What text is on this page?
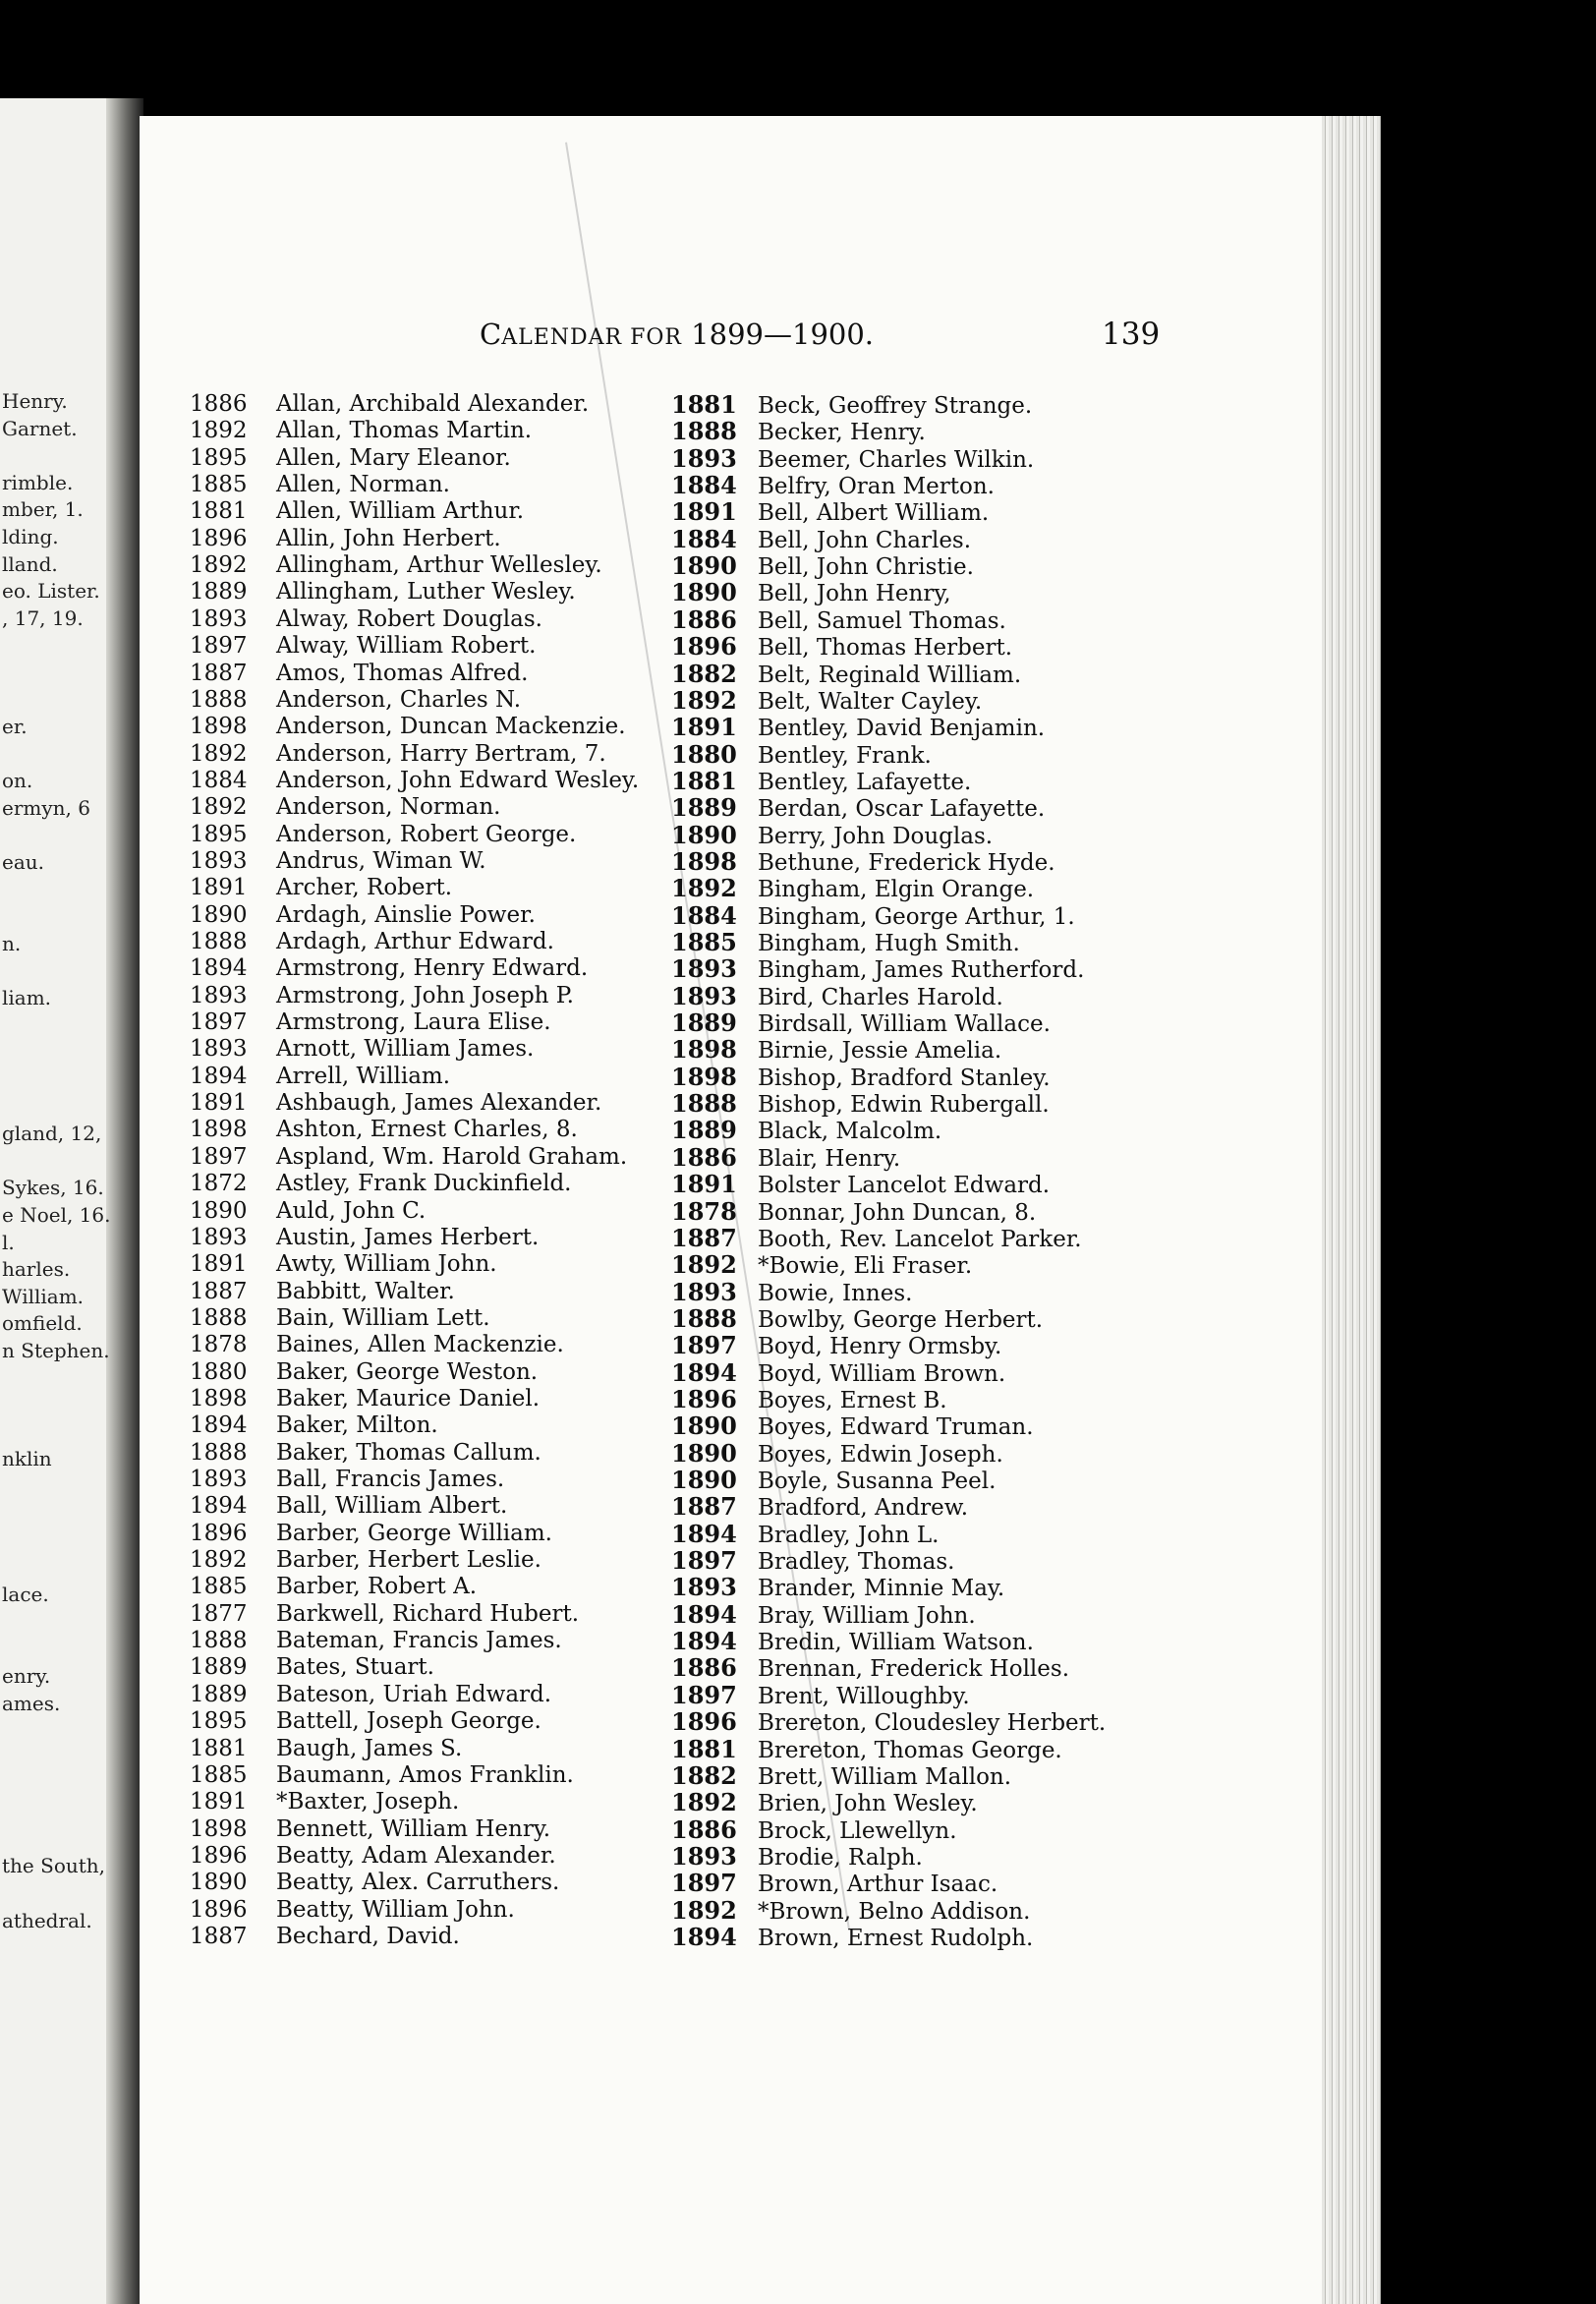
Henry.
Garnet.
rimble.
mber, 1.
lding.
lland.
eo. Lister.
, 17, 19.
er.
on.
ermyn, 6
eau.
n.
liam.
gland, 12,
Sykes, 16.
e Noel, 16.
l.
harles.
William.
omfield.
n Stephen.
nklin
lace.
enry.
ames.
the South,
athedral.
CALENDAR FOR 1899—1900.	139
1886 Allan, Archibald Alexander.
1892 Allan, Thomas Martin.
1895 Allen, Mary Eleanor.
1885 Allen, Norman.
1881 Allen, William Arthur.
1896 Allin, John Herbert.
1892 Allingham, Arthur Wellesley.
1889 Allingham, Luther Wesley.
1893 Alway, Robert Douglas.
1897 Alway, William Robert.
1887 Amos, Thomas Alfred.
1888 Anderson, Charles N.
1898 Anderson, Duncan Mackenzie.
1892 Anderson, Harry Bertram, 7.
1884 Anderson, John Edward Wesley.
1892 Anderson, Norman.
1895 Anderson, Robert George.
1893 Andrus, Wiman W.
1891 Archer, Robert.
1890 Ardagh, Ainslie Power.
1888 Ardagh, Arthur Edward.
1894 Armstrong, Henry Edward.
1893 Armstrong, John Joseph P.
1897 Armstrong, Laura Elise.
1893 Arnott, William James.
1894 Arrell, William.
1891 Ashbaugh, James Alexander.
1898 Ashton, Ernest Charles, 8.
1897 Aspland, Wm. Harold Graham.
1872 Astley, Frank Duckinfield.
1890 Auld, John C.
1893 Austin, James Herbert.
1891 Awty, William John.
1887 Babbitt, Walter.
1888 Bain, William Lett.
1878 Baines, Allen Mackenzie.
1880 Baker, George Weston.
1898 Baker, Maurice Daniel.
1894 Baker, Milton.
1888 Baker, Thomas Callum.
1893 Ball, Francis James.
1894 Ball, William Albert.
1896 Barber, George William.
1892 Barber, Herbert Leslie.
1885 Barber, Robert A.
1877 Barkwell, Richard Hubert.
1888 Bateman, Francis James.
1889 Bates, Stuart.
1889 Bateson, Uriah Edward.
1895 Battell, Joseph George.
1881 Baugh, James S.
1885 Baumann, Amos Franklin.
1891 *Baxter, Joseph.
1898 Bennett, William Henry.
1896 Beatty, Adam Alexander.
1890 Beatty, Alex. Carruthers.
1896 Beatty, William John.
1887 Bechard, David.
1881 Beck, Geoffrey Strange.
1888 Becker, Henry.
1893 Beemer, Charles Wilkin.
1884 Belfry, Oran Merton.
1891 Bell, Albert William.
1884 Bell, John Charles.
1890 Bell, John Christie.
1890 Bell, John Henry,
1886 Bell, Samuel Thomas.
1896 Bell, Thomas Herbert.
1882 Belt, Reginald William.
1892 Belt, Walter Cayley.
1891 Bentley, David Benjamin.
1880 Bentley, Frank.
1881 Bentley, Lafayette.
1889 Berdan, Oscar Lafayette.
1890 Berry, John Douglas.
1898 Bethune, Frederick Hyde.
1892 Bingham, Elgin Orange.
1884 Bingham, George Arthur, 1.
1885 Bingham, Hugh Smith.
1893 Bingham, James Rutherford.
1893 Bird, Charles Harold.
1889 Birdsall, William Wallace.
1898 Birnie, Jessie Amelia.
1898 Bishop, Bradford Stanley.
1888 Bishop, Edwin Rubergall.
1889 Black, Malcolm.
1886 Blair, Henry.
1891 Bolster Lancelot Edward.
1878 Bonnar, John Duncan, 8.
1887 Booth, Rev. Lancelot Parker.
1892 *Bowie, Eli Fraser.
1893 Bowie, Innes.
1888 Bowlby, George Herbert.
1897 Boyd, Henry Ormsby.
1894 Boyd, William Brown.
1896 Boyes, Ernest B.
1890 Boyes, Edward Truman.
1890 Boyes, Edwin Joseph.
1890 Boyle, Susanna Peel.
1887 Bradford, Andrew.
1894 Bradley, John L.
1897 Bradley, Thomas.
1893 Brander, Minnie May.
1894 Bray, William John.
1894 Bredin, William Watson.
1886 Brennan, Frederick Holles.
1897 Brent, Willoughby.
1896 Brereton, Cloudesley Herbert.
1881 Brereton, Thomas George.
1882 Brett, William Mallon.
1892 Brien, John Wesley.
1886 Brock, Llewellyn.
1893 Brodie, Ralph.
1897 Brown, Arthur Isaac.
1892 *Brown, Belno Addison.
1894 Brown, Ernest Rudolph.
